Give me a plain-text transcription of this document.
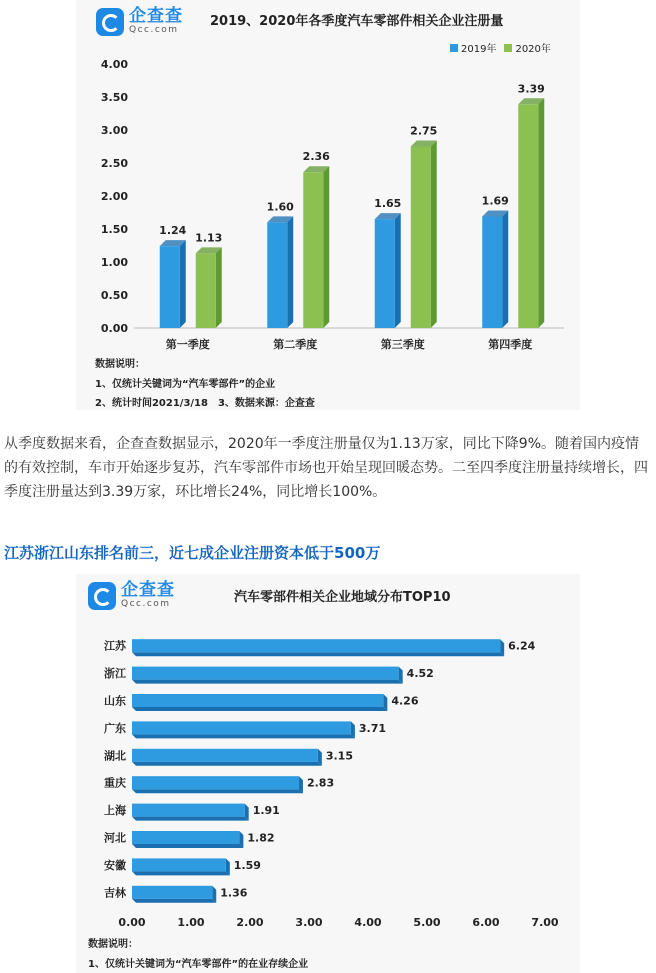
企查查
Qcc.com
2019、2020年各季度汽车零部件相关企业注册量
2019年 2020年
0.00
0.50
1.00
1.50
2.00
2.50
3.00
3.50
4.00
1.24
1.13
第一季度
1.60
2.36
第二季度
1.65
2.75
第三季度
1.69
3.39
第四季度
数据说明：
1、仅统计关键词为“汽车零部件”的企业
2、统计时间2021/3/18　3、数据来源：企查查
从季度数据来看，企查查数据显示，2020年一季度注册量仅为1.13万家，同比下降9%。随着国内疫情的有效控制，车市开始逐步复苏，汽车零部件市场也开始呈现回暖态势。二至四季度注册量持续增长，四季度注册量达到3.39万家，环比增长24%，同比增长100%。
江苏浙江山东排名前三，近七成企业注册资本低于500万
企查查
Qcc.com	汽车零部件相关企业地域分布TOP10
江苏	6.24
浙江	4.52
山东	4.26
广东	3.71
湖北	3.15
重庆	2.83
上海	1.91
河北	1.82
安徽	1.59
吉林	1.36
0.00	1.00	2.00	3.00	4.00	5.00	6.00	7.00
数据说明：
1、仅统计关键词为“汽车零部件”的在业存续企业
